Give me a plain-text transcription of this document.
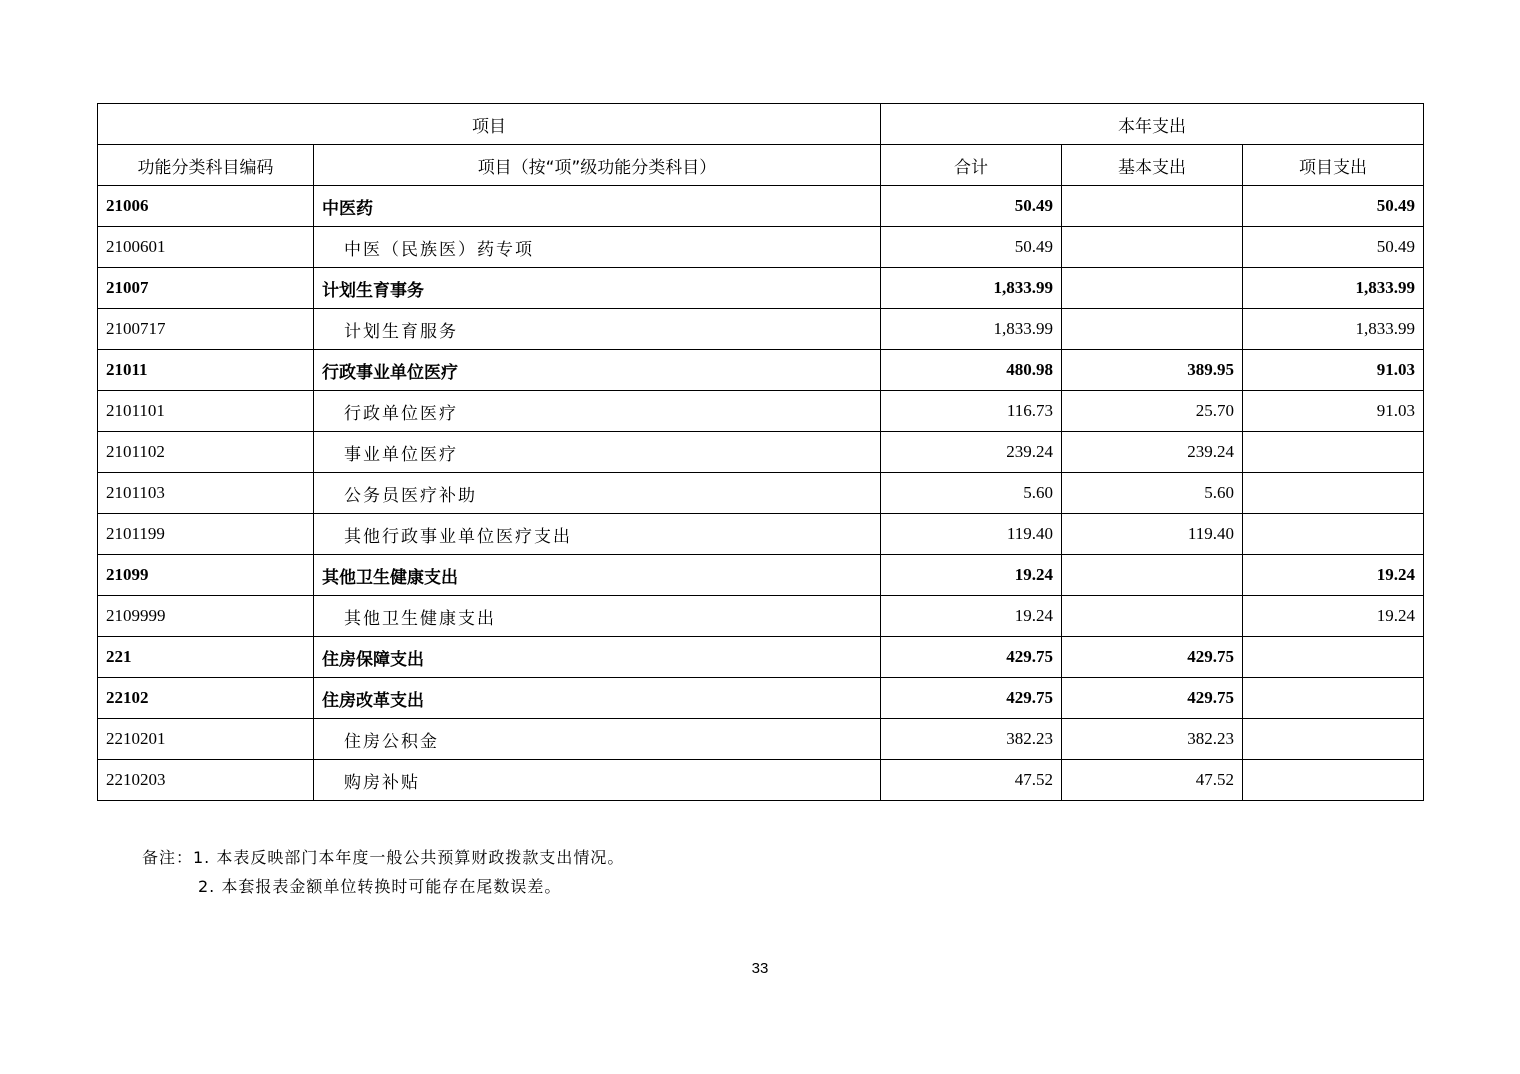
项目		本年支出		
功能分类科目编码	项目（按“项”级功能分类科目）	合计	基本支出	项目支出
21006	中医药	50.49		50.49
2100601	中医（民族医）药专项	50.49		50.49
21007	计划生育事务	1,833.99		1,833.99
2100717	计划生育服务	1,833.99		1,833.99
21011	行政事业单位医疗	480.98	389.95	91.03
2101101	行政单位医疗	116.73	25.70	91.03
2101102	事业单位医疗	239.24	239.24	
2101103	公务员医疗补助	5.60	5.60	
2101199	其他行政事业单位医疗支出	119.40	119.40	
21099	其他卫生健康支出	19.24		19.24
2109999	其他卫生健康支出	19.24		19.24
221	住房保障支出	429.75	429.75	
22102	住房改革支出	429.75	429.75	
2210201	住房公积金	382.23	382.23	
2210203	购房补贴	47.52	47.52	
备注：1. 本表反映部门本年度一般公共预算财政拨款支出情况。
2. 本套报表金额单位转换时可能存在尾数误差。
33
